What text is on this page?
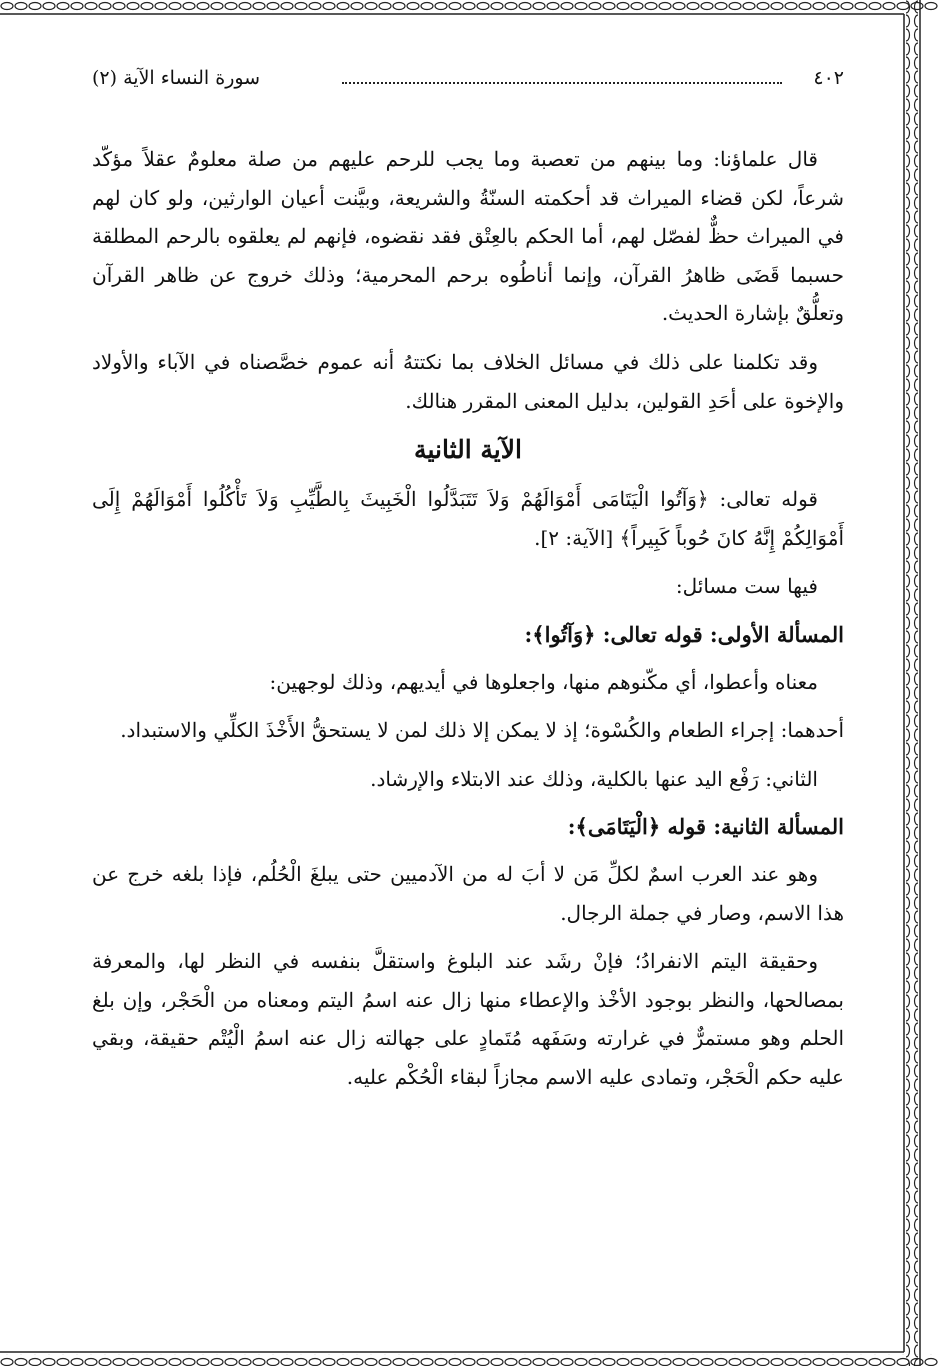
٤٠٢
سورة النساء الآية (٢)

قال علماؤنا: وما بينهم من تعصبة وما يجب للرحم عليهم من صلة معلومٌ عقلاً مؤكّد شرعاً، لكن قضاء الميراث قد أحكمته السنّةُ والشريعة، وبيَّنت أعيان الوارثين، ولو كان لهم في الميراث حظٌّ لفصّل لهم، أما الحكم بالعِتْق فقد نقضوه، فإنهم لم يعلقوه بالرحم المطلقة حسبما قَضَى ظاهرُ القرآن، وإنما أناطُوه برحم المحرمية؛ وذلك خروج عن ظاهر القرآن وتعلُّقٌ بإشارة الحديث.

وقد تكلمنا على ذلك في مسائل الخلاف بما نكتتهُ أنه عموم خصَّصناه في الآباء والأولاد والإخوة على أحَدِ القولين، بدليل المعنى المقرر هنالك.

الآية الثانية

قوله تعالى: ﴿وَآتُوا الْيَتَامَى أَمْوَالَهُمْ وَلاَ تَتَبَدَّلُوا الْخَبِيثَ بِالطَّيِّبِ وَلاَ تَأْكُلُوا أَمْوَالَهُمْ إِلَى أَمْوَالِكُمْ إِنَّهُ كانَ حُوباً كَبِيراً﴾ [الآية: ٢].

فيها ست مسائل:

المسألة الأولى: قوله تعالى: ﴿وَآتُوا﴾:

معناه وأعطوا، أي مكّنوهم منها، واجعلوها في أيديهم، وذلك لوجهين:

أحدهما: إجراء الطعام والكُسْوة؛ إذ لا يمكن إلا ذلك لمن لا يستحقُّ الأَخْذَ الكلِّي والاستبداد.

الثاني: رَفْع اليد عنها بالكلية، وذلك عند الابتلاء والإرشاد.

المسألة الثانية: قوله ﴿الْيَتَامَى﴾:

وهو عند العرب اسمٌ لكلِّ مَن لا أبَ له من الآدميين حتى يبلغَ الْحُلُم، فإذا بلغه خرج عن هذا الاسم، وصار في جملة الرجال.

وحقيقة اليتم الانفرادُ؛ فإنْ رشَد عند البلوغ واستقلَّ بنفسه في النظر لها، والمعرفة بمصالحها، والنظر بوجود الأخْذ والإعطاء منها زال عنه اسمُ اليتم ومعناه من الْحَجْر، وإن بلغ الحلم وهو مستمرٌّ في غرارته وسَفَهه مُتَمادٍ على جهالته زال عنه اسمُ الْيُتْم حقيقة، وبقي عليه حكم الْحَجْر، وتمادى عليه الاسم مجازاً لبقاء الْحُكْم عليه.
